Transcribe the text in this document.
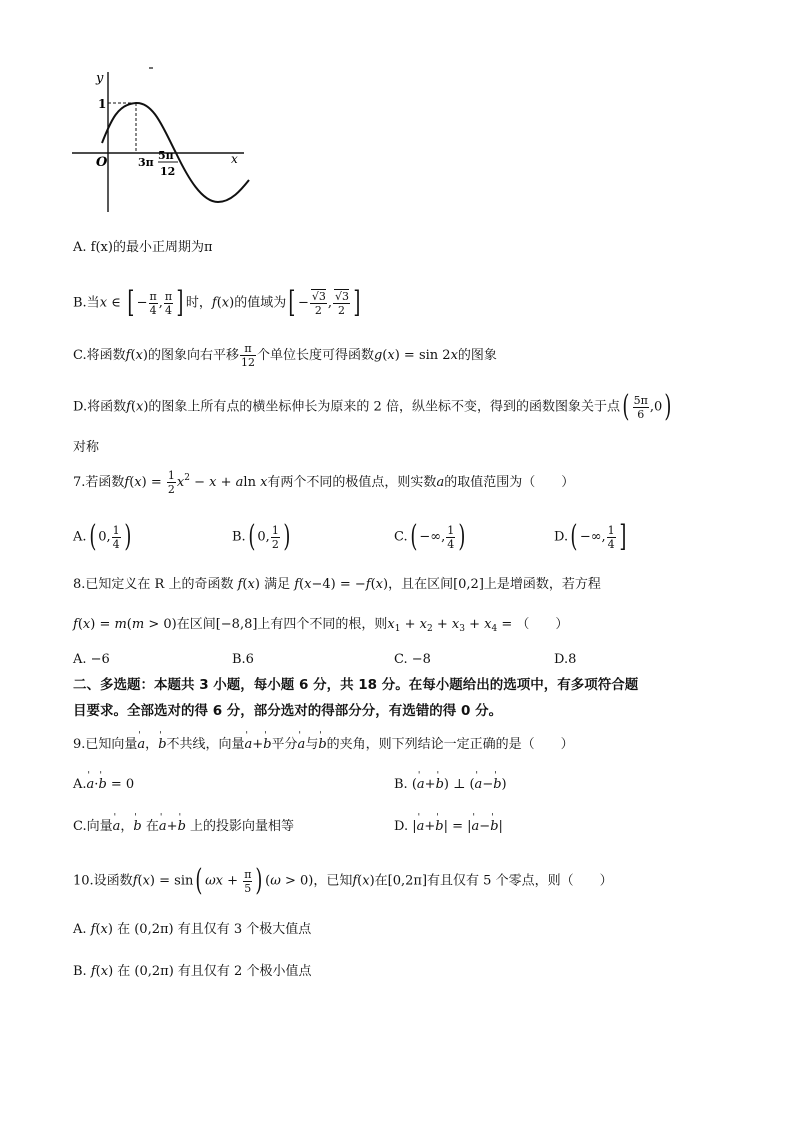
y
x
O
1
3π
5π
12
A. f(x)的最小正周期为π
B.当x ∈ [ − $\frac{\pi}{4}$ , $\frac{\pi}{4}$ ] 时，f(x)的值域为[ − $\frac{√3}{2}$ , $\frac{√3}{2}$ ]
C.将函数f(x)的图象向右平移 $\frac{\pi}{12}$ 个单位长度可得函数g(x) = sin 2x的图象
D.将函数f(x)的图象上所有点的横坐标伸长为原来的 2 倍，纵坐标不变，得到的函数图象关于点( $\frac{5\pi}{6} ,0$)
对称
7.若函数$f(x) = \frac{1}{2} x^2 - x + aln$ x有两个不同的极值点，则实数a的取值范围为（　　）
A.( 0, $\frac{1}{4}$ )	B.( 0, $\frac{1}{2}$ )	C.( −∞, $\frac{1}{4}$ )	D.( −∞, $\frac{1}{4}$ ]
8.已知定义在 R 上的奇函数 f(x) 满足 f(x−4) = −f(x)，且在区间[0,2]上是增函数，若方程
f(x) = m(m > 0)在区间[−8,8]上有四个不同的根，则$x_1 + x_2 + x_3 + x_4$ = （　　）
A. −6	B.6	C. −8	D.8
二、多选题：本题共 3 小题，每小题 6 分，共 18 分。在每小题给出的选项中，有多项符合题
目要求。全部选对的得 6 分，部分选对的得部分分，有选错的得 0 分。
9.已知向量' a，' b不共线，向量' a+' b平分' a与' b的夹角，则下列结论一定正确的是（　　）
A.' a·' b = 0	B. (' a+' b) ⊥ (' a−' b)
C.向量' a，' b 在' a+' b 上的投影向量相等	D. |' a+' b| = |' a−' b|
10.设函数f(x) = sin( $\omega x + \frac{\pi}{5}$ ) (ω > 0)，已知f(x)在[0,2π]有且仅有 5 个零点，则（　　）
A. f(x) 在 (0,2π) 有且仅有 3 个极大值点
B. f(x) 在 (0,2π) 有且仅有 2 个极小值点
